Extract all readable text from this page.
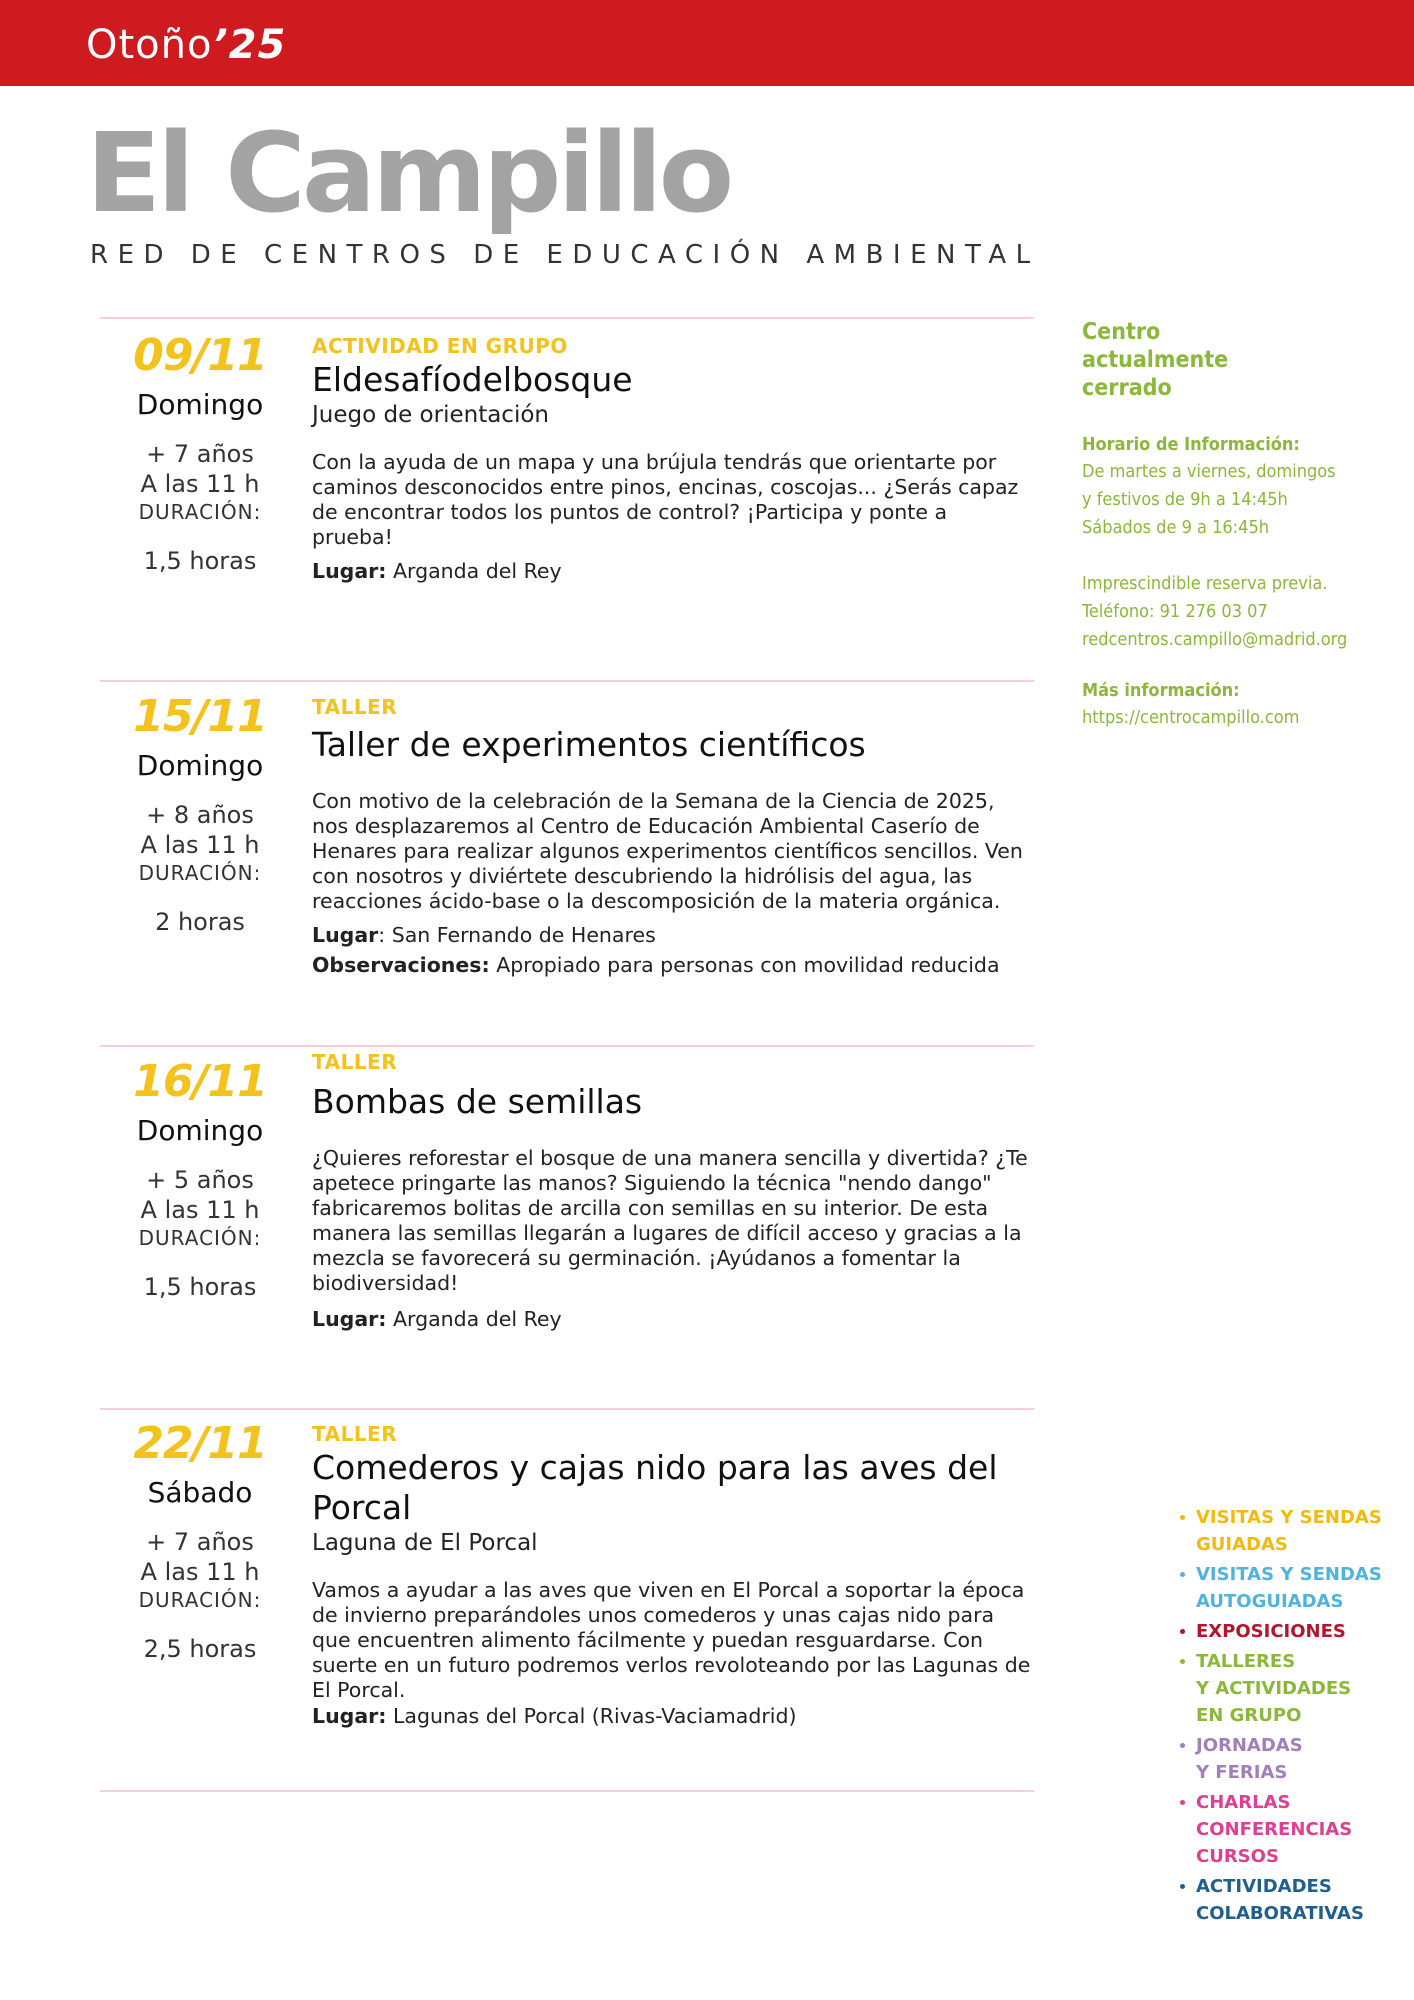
Otoño’25
El Campillo
RED DE CENTROS DE EDUCACIÓN AMBIENTAL
09/11
Domingo
+ 7 años
A las 11 h
DURACIÓN:
1,5 horas
ACTIVIDAD EN GRUPO
Eldesafíodelbosque
Juego de orientación
Con la ayuda de un mapa y una brújula tendrás que orientarte por caminos desconocidos entre pinos, encinas, coscojas... ¿Serás capaz de encontrar todos los puntos de control? ¡Participa y ponte a prueba!
Lugar: Arganda del Rey
15/11
Domingo
+ 8 años
A las 11 h
DURACIÓN:
2 horas
TALLER
Taller de experimentos científicos
Con motivo de la celebración de la Semana de la Ciencia de 2025, nos desplazaremos al Centro de Educación Ambiental Caserío de Henares para realizar algunos experimentos científicos sencillos. Ven con nosotros y diviértete descubriendo la hidrólisis del agua, las reacciones ácido-base o la descomposición de la materia orgánica.
Lugar: San Fernando de Henares
Observaciones: Apropiado para personas con movilidad reducida
16/11
Domingo
+ 5 años
A las 11 h
DURACIÓN:
1,5 horas
TALLER
Bombas de semillas
¿Quieres reforestar el bosque de una manera sencilla y divertida? ¿Te apetece pringarte las manos? Siguiendo la técnica "nendo dango" fabricaremos bolitas de arcilla con semillas en su interior. De esta manera las semillas llegarán a lugares de difícil acceso y gracias a la mezcla se favorecerá su germinación. ¡Ayúdanos a fomentar la biodiversidad!
Lugar: Arganda del Rey
22/11
Sábado
+ 7 años
A las 11 h
DURACIÓN:
2,5 horas
TALLER
Comederos y cajas nido para las aves del Porcal
Laguna de El Porcal
Vamos a ayudar a las aves que viven en El Porcal a soportar la época de invierno preparándoles unos comederos y unas cajas nido para que encuentren alimento fácilmente y puedan resguardarse. Con suerte en un futuro podremos verlos revoloteando por las Lagunas de El Porcal.
Lugar: Lagunas del Porcal (Rivas-Vaciamadrid)
Centro
actualmente
cerrado
Horario de Información:
De martes a viernes, domingos
y festivos de 9h a 14:45h
Sábados de 9 a 16:45h
Imprescindible reserva previa.
Teléfono: 91 276 03 07
redcentros.campillo@madrid.org
Más información:
https://centrocampillo.com
VISITAS Y SENDAS
GUIADAS
VISITAS Y SENDAS
AUTOGUIADAS
EXPOSICIONES
TALLERES
Y ACTIVIDADES
EN GRUPO
JORNADAS
Y FERIAS
CHARLAS
CONFERENCIAS
CURSOS
ACTIVIDADES
COLABORATIVAS
